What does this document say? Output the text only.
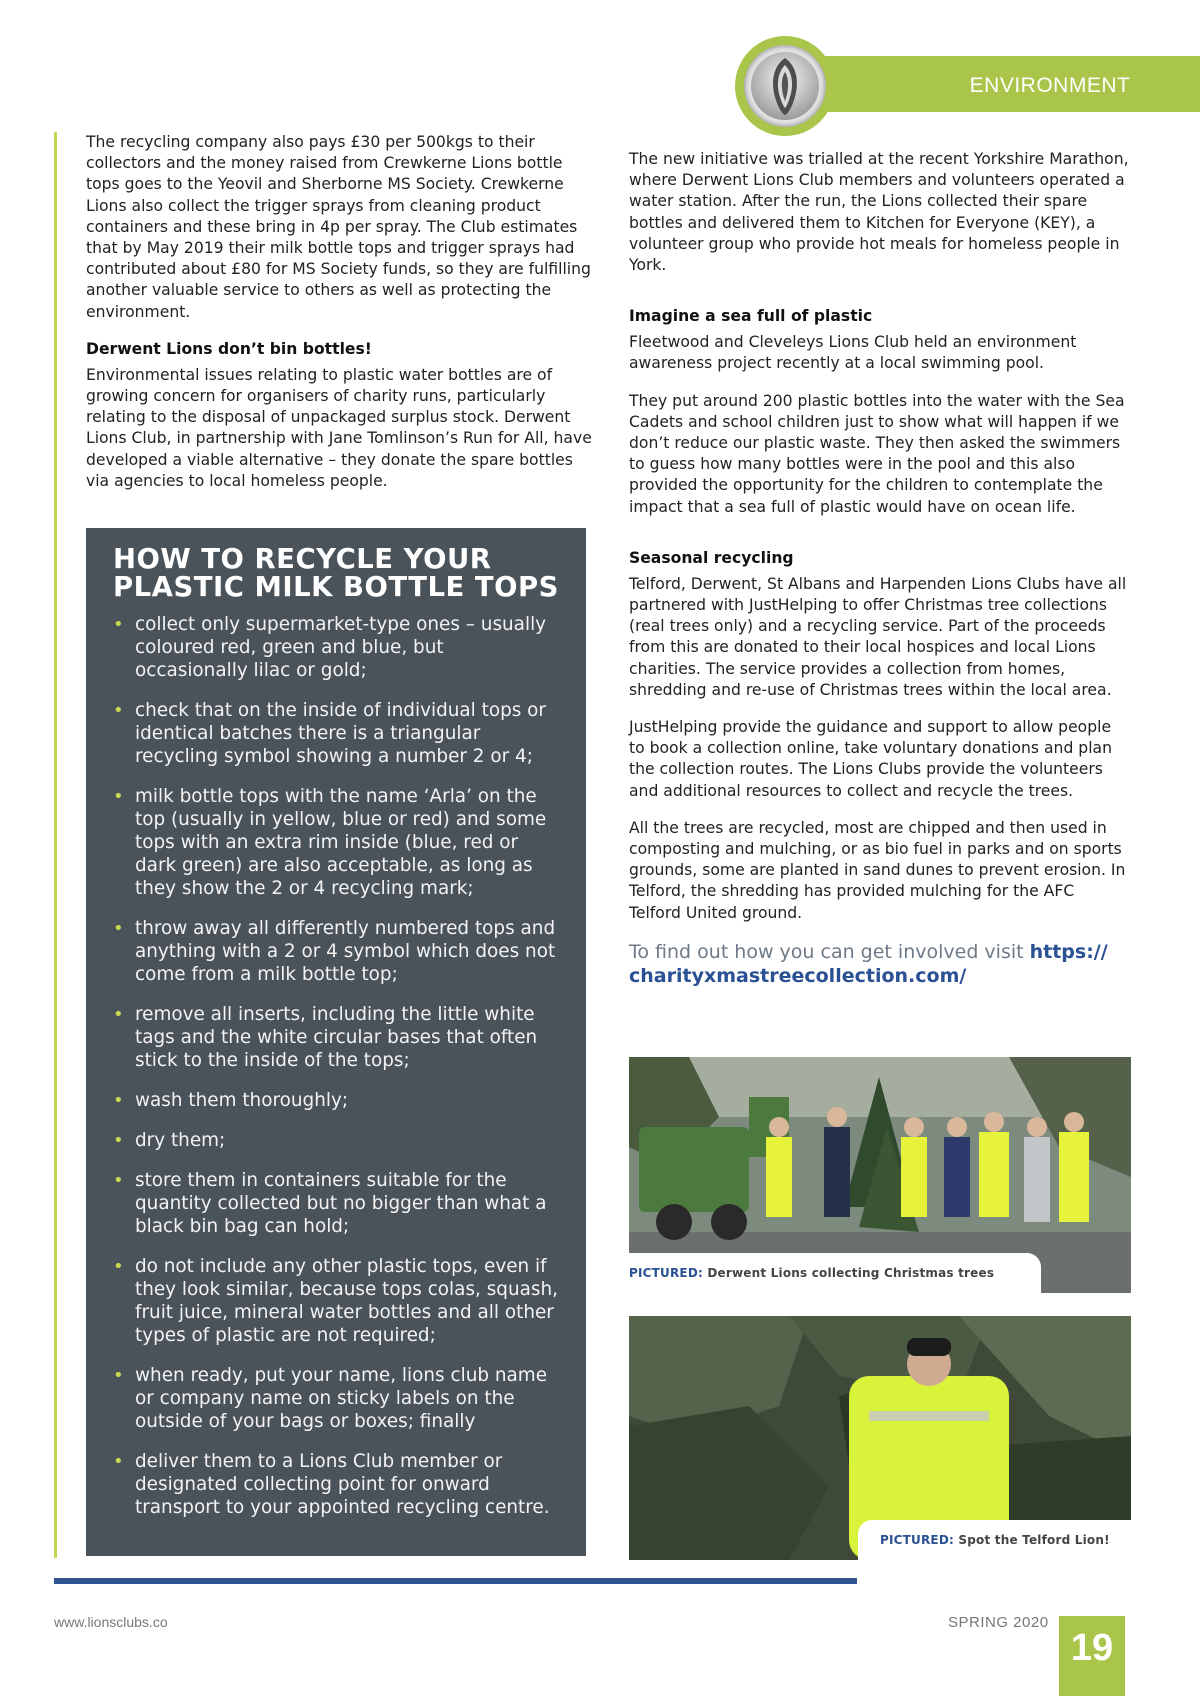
ENVIRONMENT

The recycling company also pays £30 per 500kgs to their collectors and the money raised from Crewkerne Lions bottle tops goes to the Yeovil and Sherborne MS Society. Crewkerne Lions also collect the trigger sprays from cleaning product containers and these bring in 4p per spray. The Club estimates that by May 2019 their milk bottle tops and trigger sprays had contributed about £80 for MS Society funds, so they are fulfilling another valuable service to others as well as protecting the environment.

Derwent Lions don’t bin bottles!

Environmental issues relating to plastic water bottles are of growing concern for organisers of charity runs, particularly relating to the disposal of unpackaged surplus stock. Derwent Lions Club, in partnership with Jane Tomlinson’s Run for All, have developed a viable alternative – they donate the spare bottles via agencies to local homeless people.

HOW TO RECYCLE YOUR PLASTIC MILK BOTTLE TOPS
• collect only supermarket-type ones – usually coloured red, green and blue, but occasionally lilac or gold;
• check that on the inside of individual tops or identical batches there is a triangular recycling symbol showing a number 2 or 4;
• milk bottle tops with the name ‘Arla’ on the top (usually in yellow, blue or red) and some tops with an extra rim inside (blue, red or dark green) are also acceptable, as long as they show the 2 or 4 recycling mark;
• throw away all differently numbered tops and anything with a 2 or 4 symbol which does not come from a milk bottle top;
• remove all inserts, including the little white tags and the white circular bases that often stick to the inside of the tops;
• wash them thoroughly;
• dry them;
• store them in containers suitable for the quantity collected but no bigger than what a black bin bag can hold;
• do not include any other plastic tops, even if they look similar, because tops colas, squash, fruit juice, mineral water bottles and all other types of plastic are not required;
• when ready, put your name, lions club name or company name on sticky labels on the outside of your bags or boxes; finally
• deliver them to a Lions Club member or designated collecting point for onward transport to your appointed recycling centre.

The new initiative was trialled at the recent Yorkshire Marathon, where Derwent Lions Club members and volunteers operated a water station. After the run, the Lions collected their spare bottles and delivered them to Kitchen for Everyone (KEY), a volunteer group who provide hot meals for homeless people in York.

Imagine a sea full of plastic

Fleetwood and Cleveleys Lions Club held an environment awareness project recently at a local swimming pool.

They put around 200 plastic bottles into the water with the Sea Cadets and school children just to show what will happen if we don’t reduce our plastic waste. They then asked the swimmers to guess how many bottles were in the pool and this also provided the opportunity for the children to contemplate the impact that a sea full of plastic would have on ocean life.

Seasonal recycling

Telford, Derwent, St Albans and Harpenden Lions Clubs have all partnered with JustHelping to offer Christmas tree collections (real trees only) and a recycling service. Part of the proceeds from this are donated to their local hospices and local Lions charities. The service provides a collection from homes, shredding and re-use of Christmas trees within the local area.

JustHelping provide the guidance and support to allow people to book a collection online, take voluntary donations and plan the collection routes. The Lions Clubs provide the volunteers and additional resources to collect and recycle the trees.

All the trees are recycled, most are chipped and then used in composting and mulching, or as bio fuel in parks and on sports grounds, some are planted in sand dunes to prevent erosion. In Telford, the shredding has provided mulching for the AFC Telford United ground.

To find out how you can get involved visit https:// charityxmastreecollection.com/
PICTURED: Derwent Lions collecting Christmas trees
PICTURED: Spot the Telford Lion!
www.lionsclubs.co	SPRING 2020
19
